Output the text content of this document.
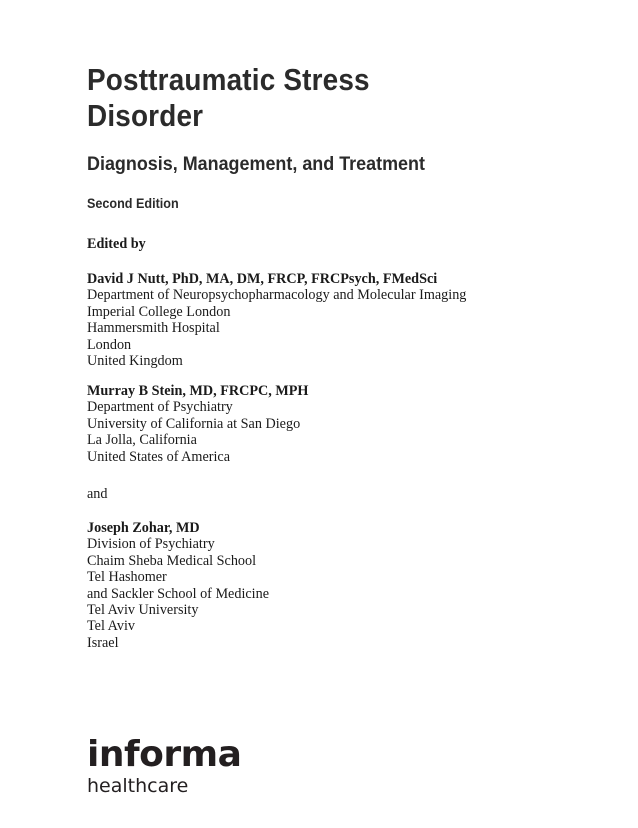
Posttraumatic Stress
Disorder
Diagnosis, Management, and Treatment
Second Edition
Edited by
David J Nutt, PhD, MA, DM, FRCP, FRCPsych, FMedSci
Department of Neuropsychopharmacology and Molecular Imaging
Imperial College London
Hammersmith Hospital
London
United Kingdom
Murray B Stein, MD, FRCPC, MPH
Department of Psychiatry
University of California at San Diego
La Jolla, California
United States of America
and
Joseph Zohar, MD
Division of Psychiatry
Chaim Sheba Medical School
Tel Hashomer
and Sackler School of Medicine
Tel Aviv University
Tel Aviv
Israel
informa
healthcare
